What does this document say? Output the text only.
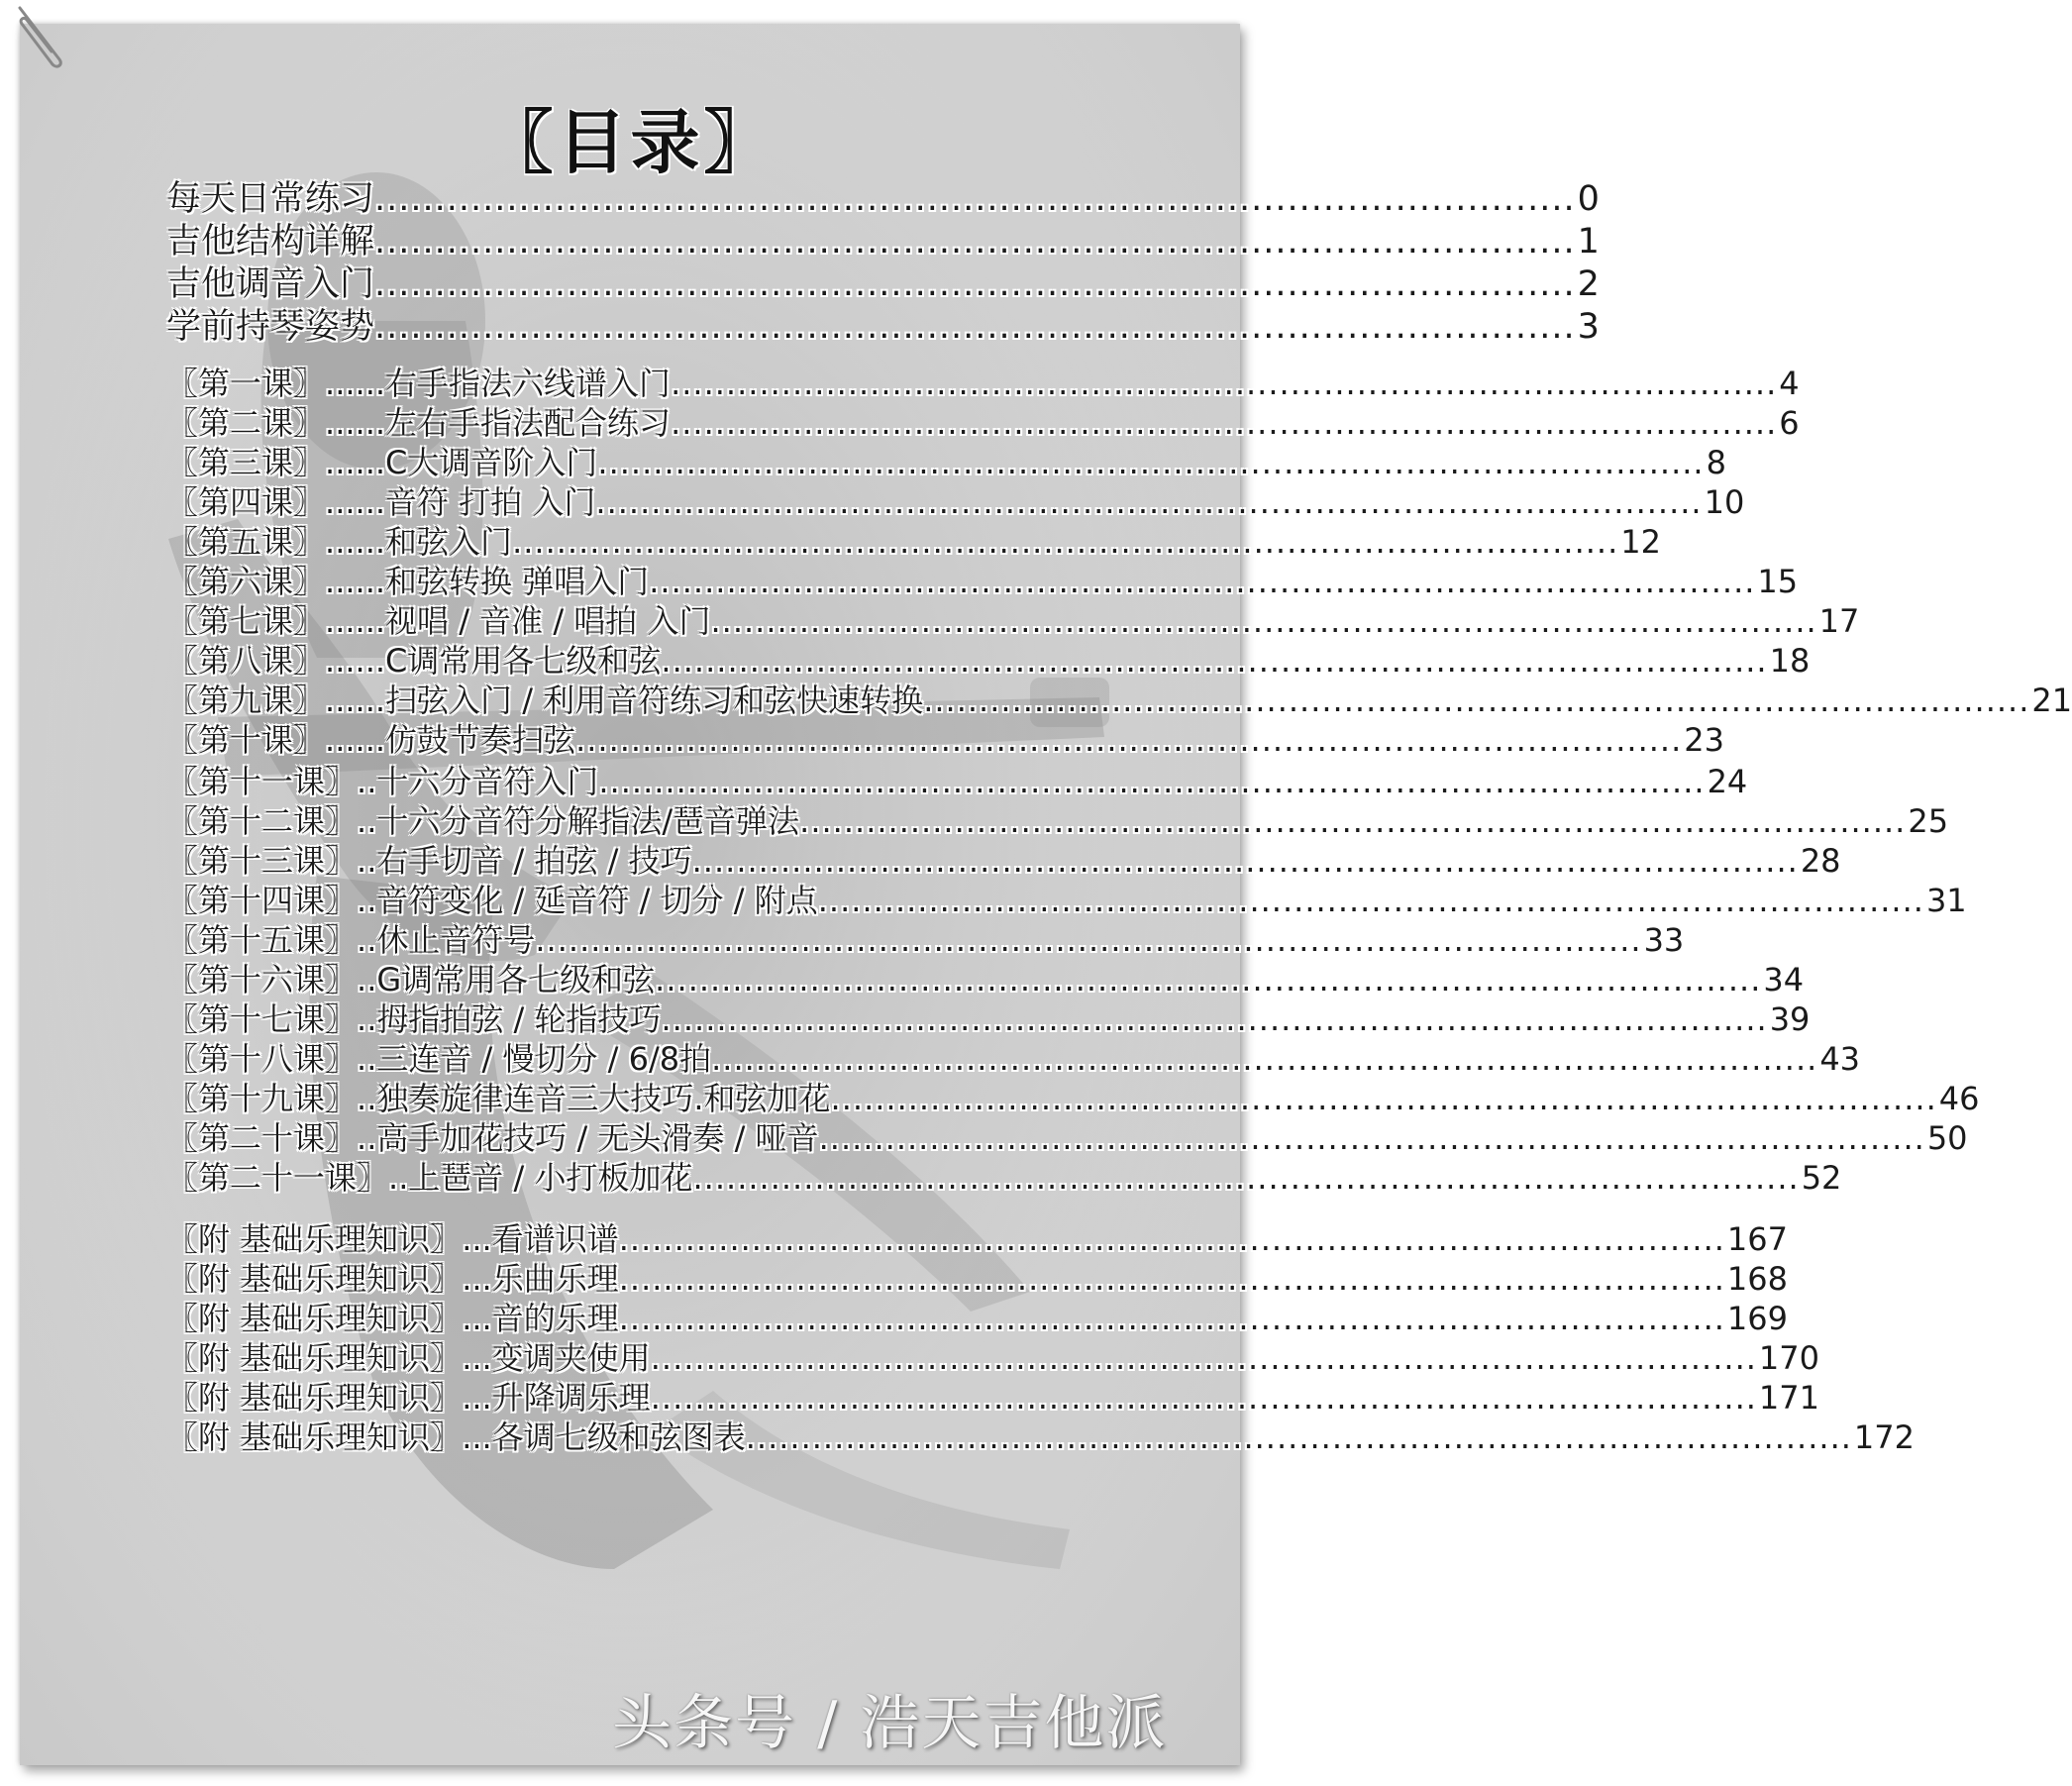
〖目录〗
每天日常练习 .................................................................................................... 0
吉他结构详解 .................................................................................................... 1
吉他调音入门 .................................................................................................... 2
学前持琴姿势 .................................................................................................... 3
〖第一课〗 ...... 右手指法六线谱入门 .................................................................................................... 4
〖第二课〗 ...... 左右手指法配合练习 .................................................................................................... 6
〖第三课〗 ...... C大调音阶入门 .................................................................................................... 8
〖第四课〗 ...... 音符 打拍 入门 .................................................................................................... 10
〖第五课〗 ...... 和弦入门 .................................................................................................... 12
〖第六课〗 ...... 和弦转换 弹唱入门 .................................................................................................... 15
〖第七课〗 ...... 视唱 / 音准 / 唱拍 入门 .................................................................................................... 17
〖第八课〗 ...... C调常用各七级和弦 .................................................................................................... 18
〖第九课〗 ...... 扫弦入门 / 利用音符练习和弦快速转换 .................................................................................................... 21
〖第十课〗 ...... 仿鼓节奏扫弦 .................................................................................................... 23
〖第十一课〗 .. 十六分音符入门 .................................................................................................... 24
〖第十二课〗 .. 十六分音符分解指法/琶音弹法 .................................................................................................... 25
〖第十三课〗 .. 右手切音 / 拍弦 / 技巧 .................................................................................................... 28
〖第十四课〗 .. 音符变化 / 延音符 / 切分 / 附点 .................................................................................................... 31
〖第十五课〗 .. 休止音符号 .................................................................................................... 33
〖第十六课〗 .. G调常用各七级和弦 .................................................................................................... 34
〖第十七课〗 .. 拇指拍弦 / 轮指技巧 .................................................................................................... 39
〖第十八课〗 .. 三连音 / 慢切分 / 6/8拍 .................................................................................................... 43
〖第十九课〗 .. 独奏旋律连音三大技巧.和弦加花 .................................................................................................... 46
〖第二十课〗 .. 高手加花技巧 / 无头滑奏 / 哑音 .................................................................................................... 50
〖第二十一课〗 .. 上琶音 / 小打板加花 .................................................................................................... 52
〖附 基础乐理知识〗 ... 看谱识谱 .................................................................................................... 167
〖附 基础乐理知识〗 ... 乐曲乐理 .................................................................................................... 168
〖附 基础乐理知识〗 ... 音的乐理 .................................................................................................... 169
〖附 基础乐理知识〗 ... 变调夹使用 .................................................................................................... 170
〖附 基础乐理知识〗 ... 升降调乐理 .................................................................................................... 171
〖附 基础乐理知识〗 ... 各调七级和弦图表 .................................................................................................... 172
头条号 / 浩天吉他派
